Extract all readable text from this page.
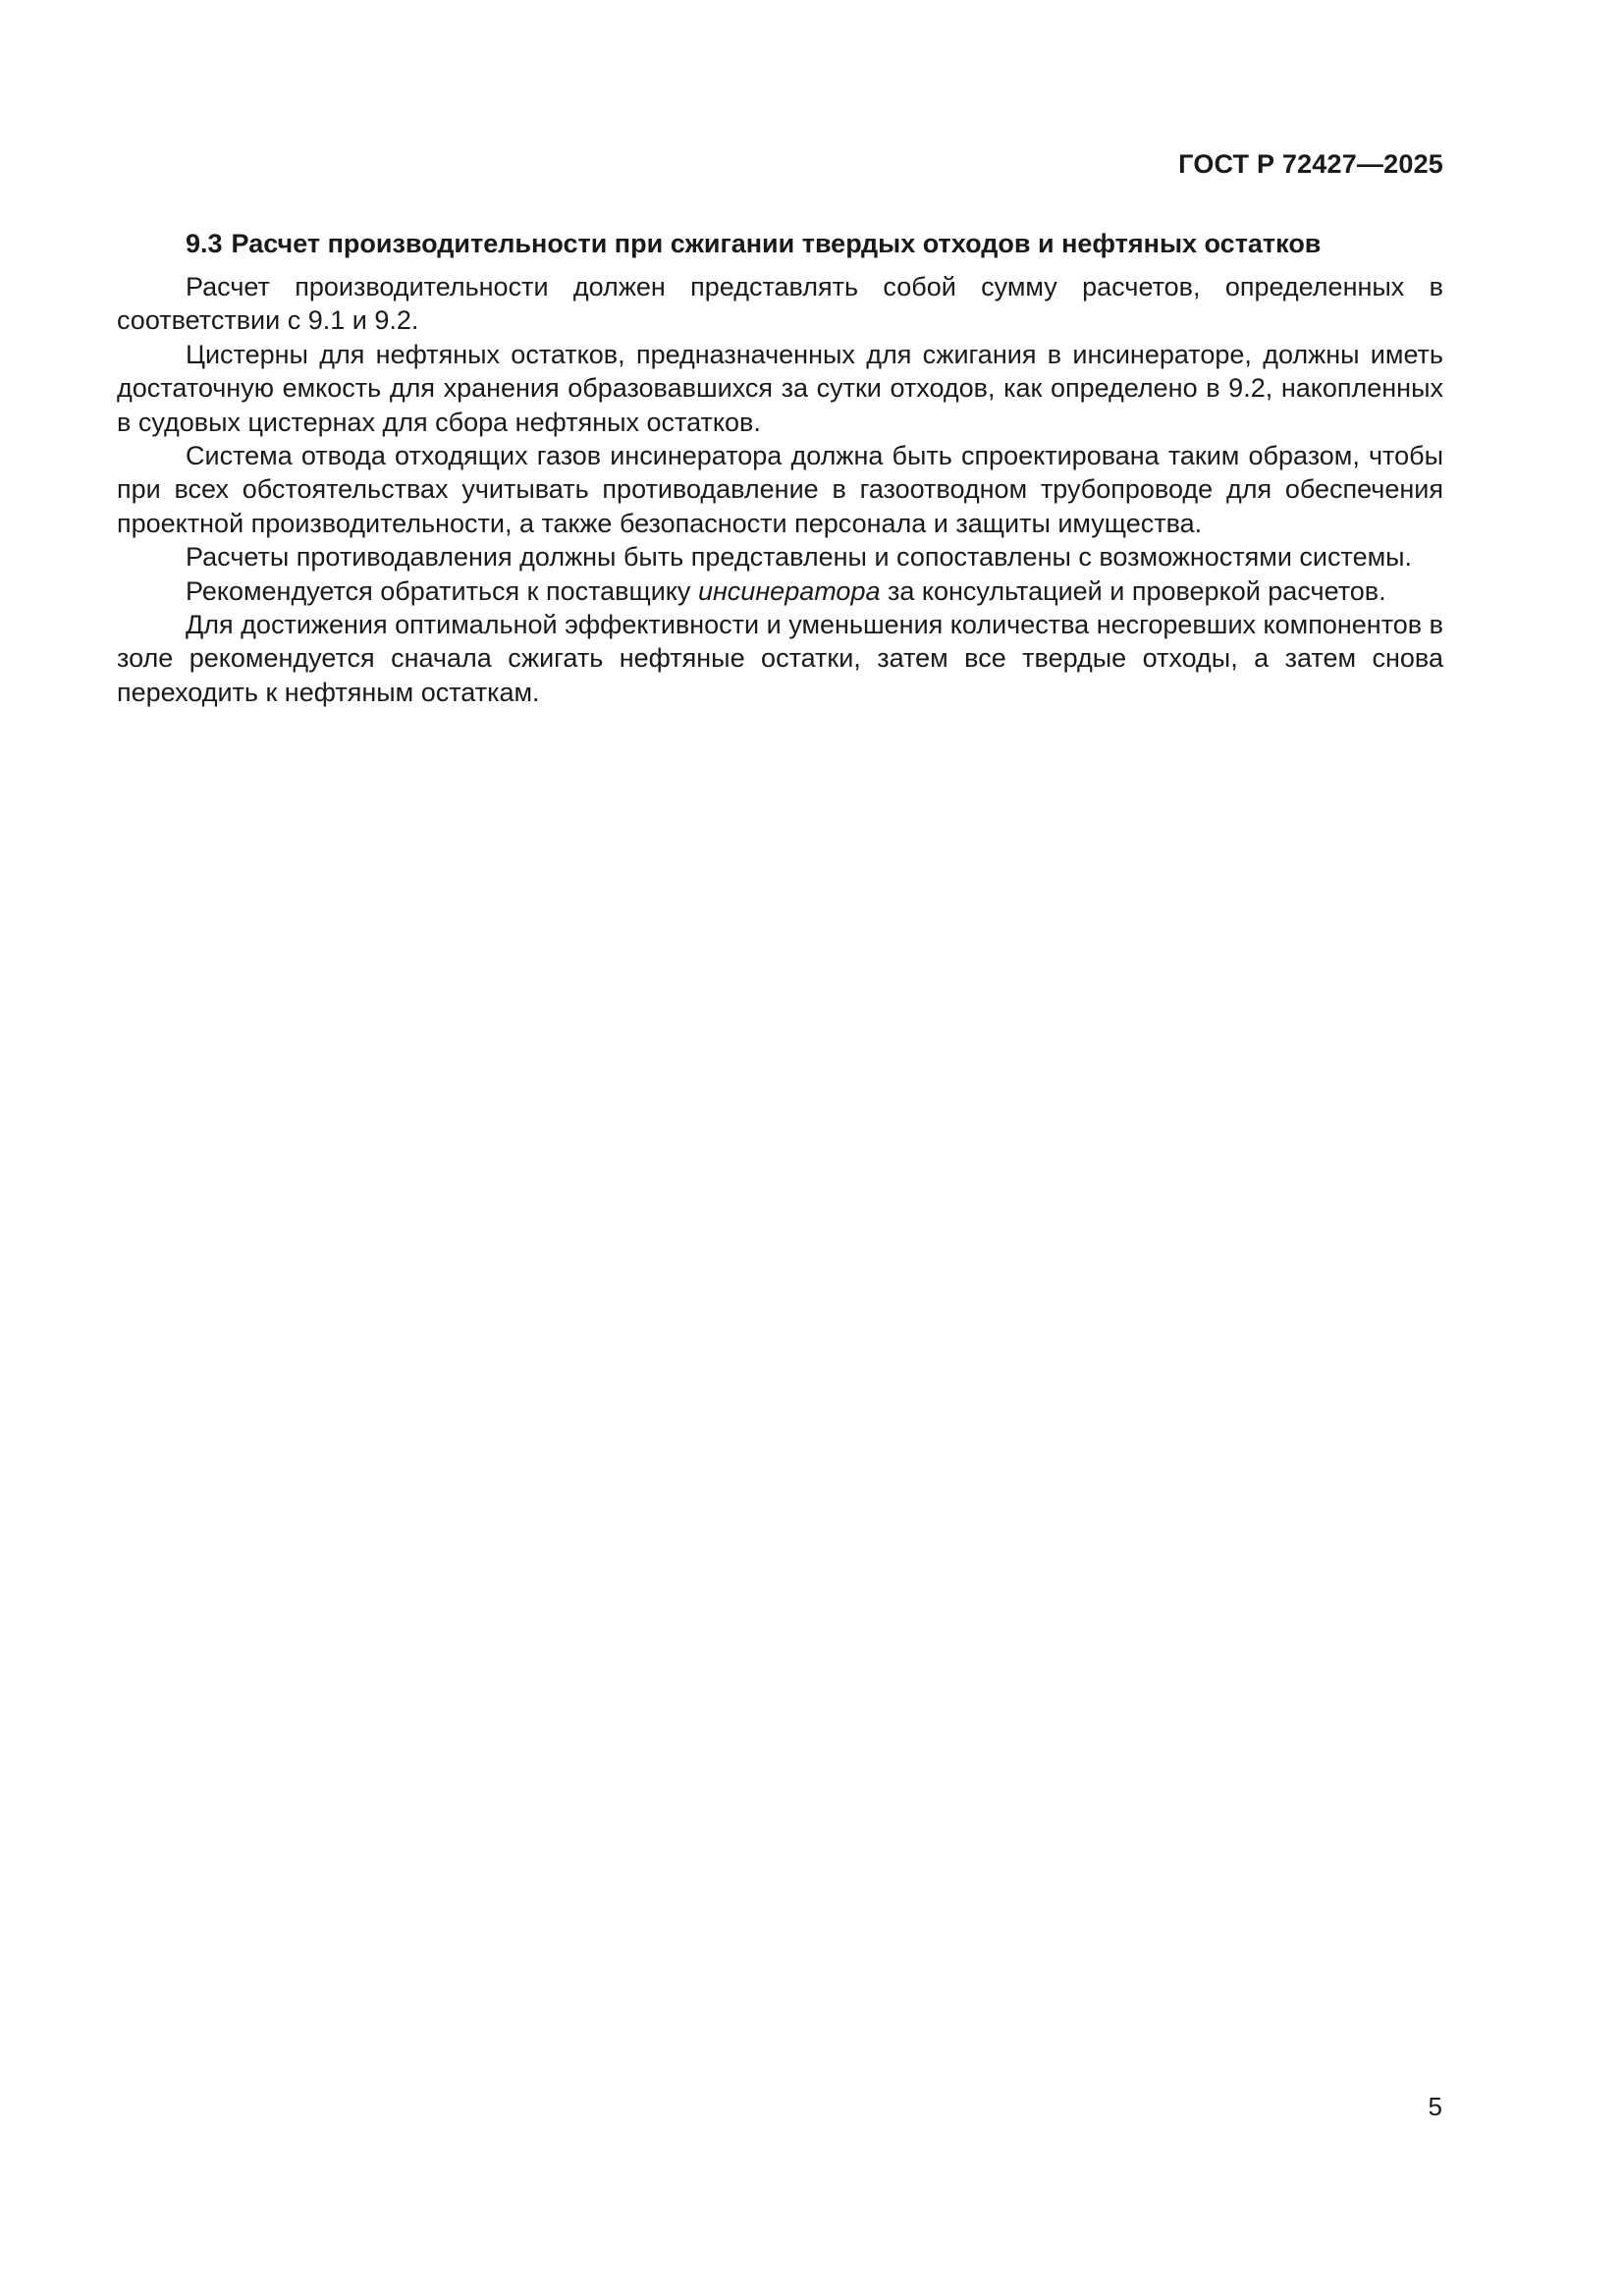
ГОСТ Р 72427—2025

9.3 Расчет производительности при сжигании твердых отходов и нефтяных остатков

Расчет производительности должен представлять собой сумму расчетов, определенных в соответствии с 9.1 и 9.2.

Цистерны для нефтяных остатков, предназначенных для сжигания в инсинераторе, должны иметь достаточную емкость для хранения образовавшихся за сутки отходов, как определено в 9.2, накопленных в судовых цистернах для сбора нефтяных остатков.

Система отвода отходящих газов инсинератора должна быть спроектирована таким образом, чтобы при всех обстоятельствах учитывать противодавление в газоотводном трубопроводе для обеспечения проектной производительности, а также безопасности персонала и защиты имущества.

Расчеты противодавления должны быть представлены и сопоставлены с возможностями системы.

Рекомендуется обратиться к поставщику инсинератора за консультацией и проверкой расчетов.

Для достижения оптимальной эффективности и уменьшения количества несгоревших компонентов в золе рекомендуется сначала сжигать нефтяные остатки, затем все твердые отходы, а затем снова переходить к нефтяным остаткам.

5
